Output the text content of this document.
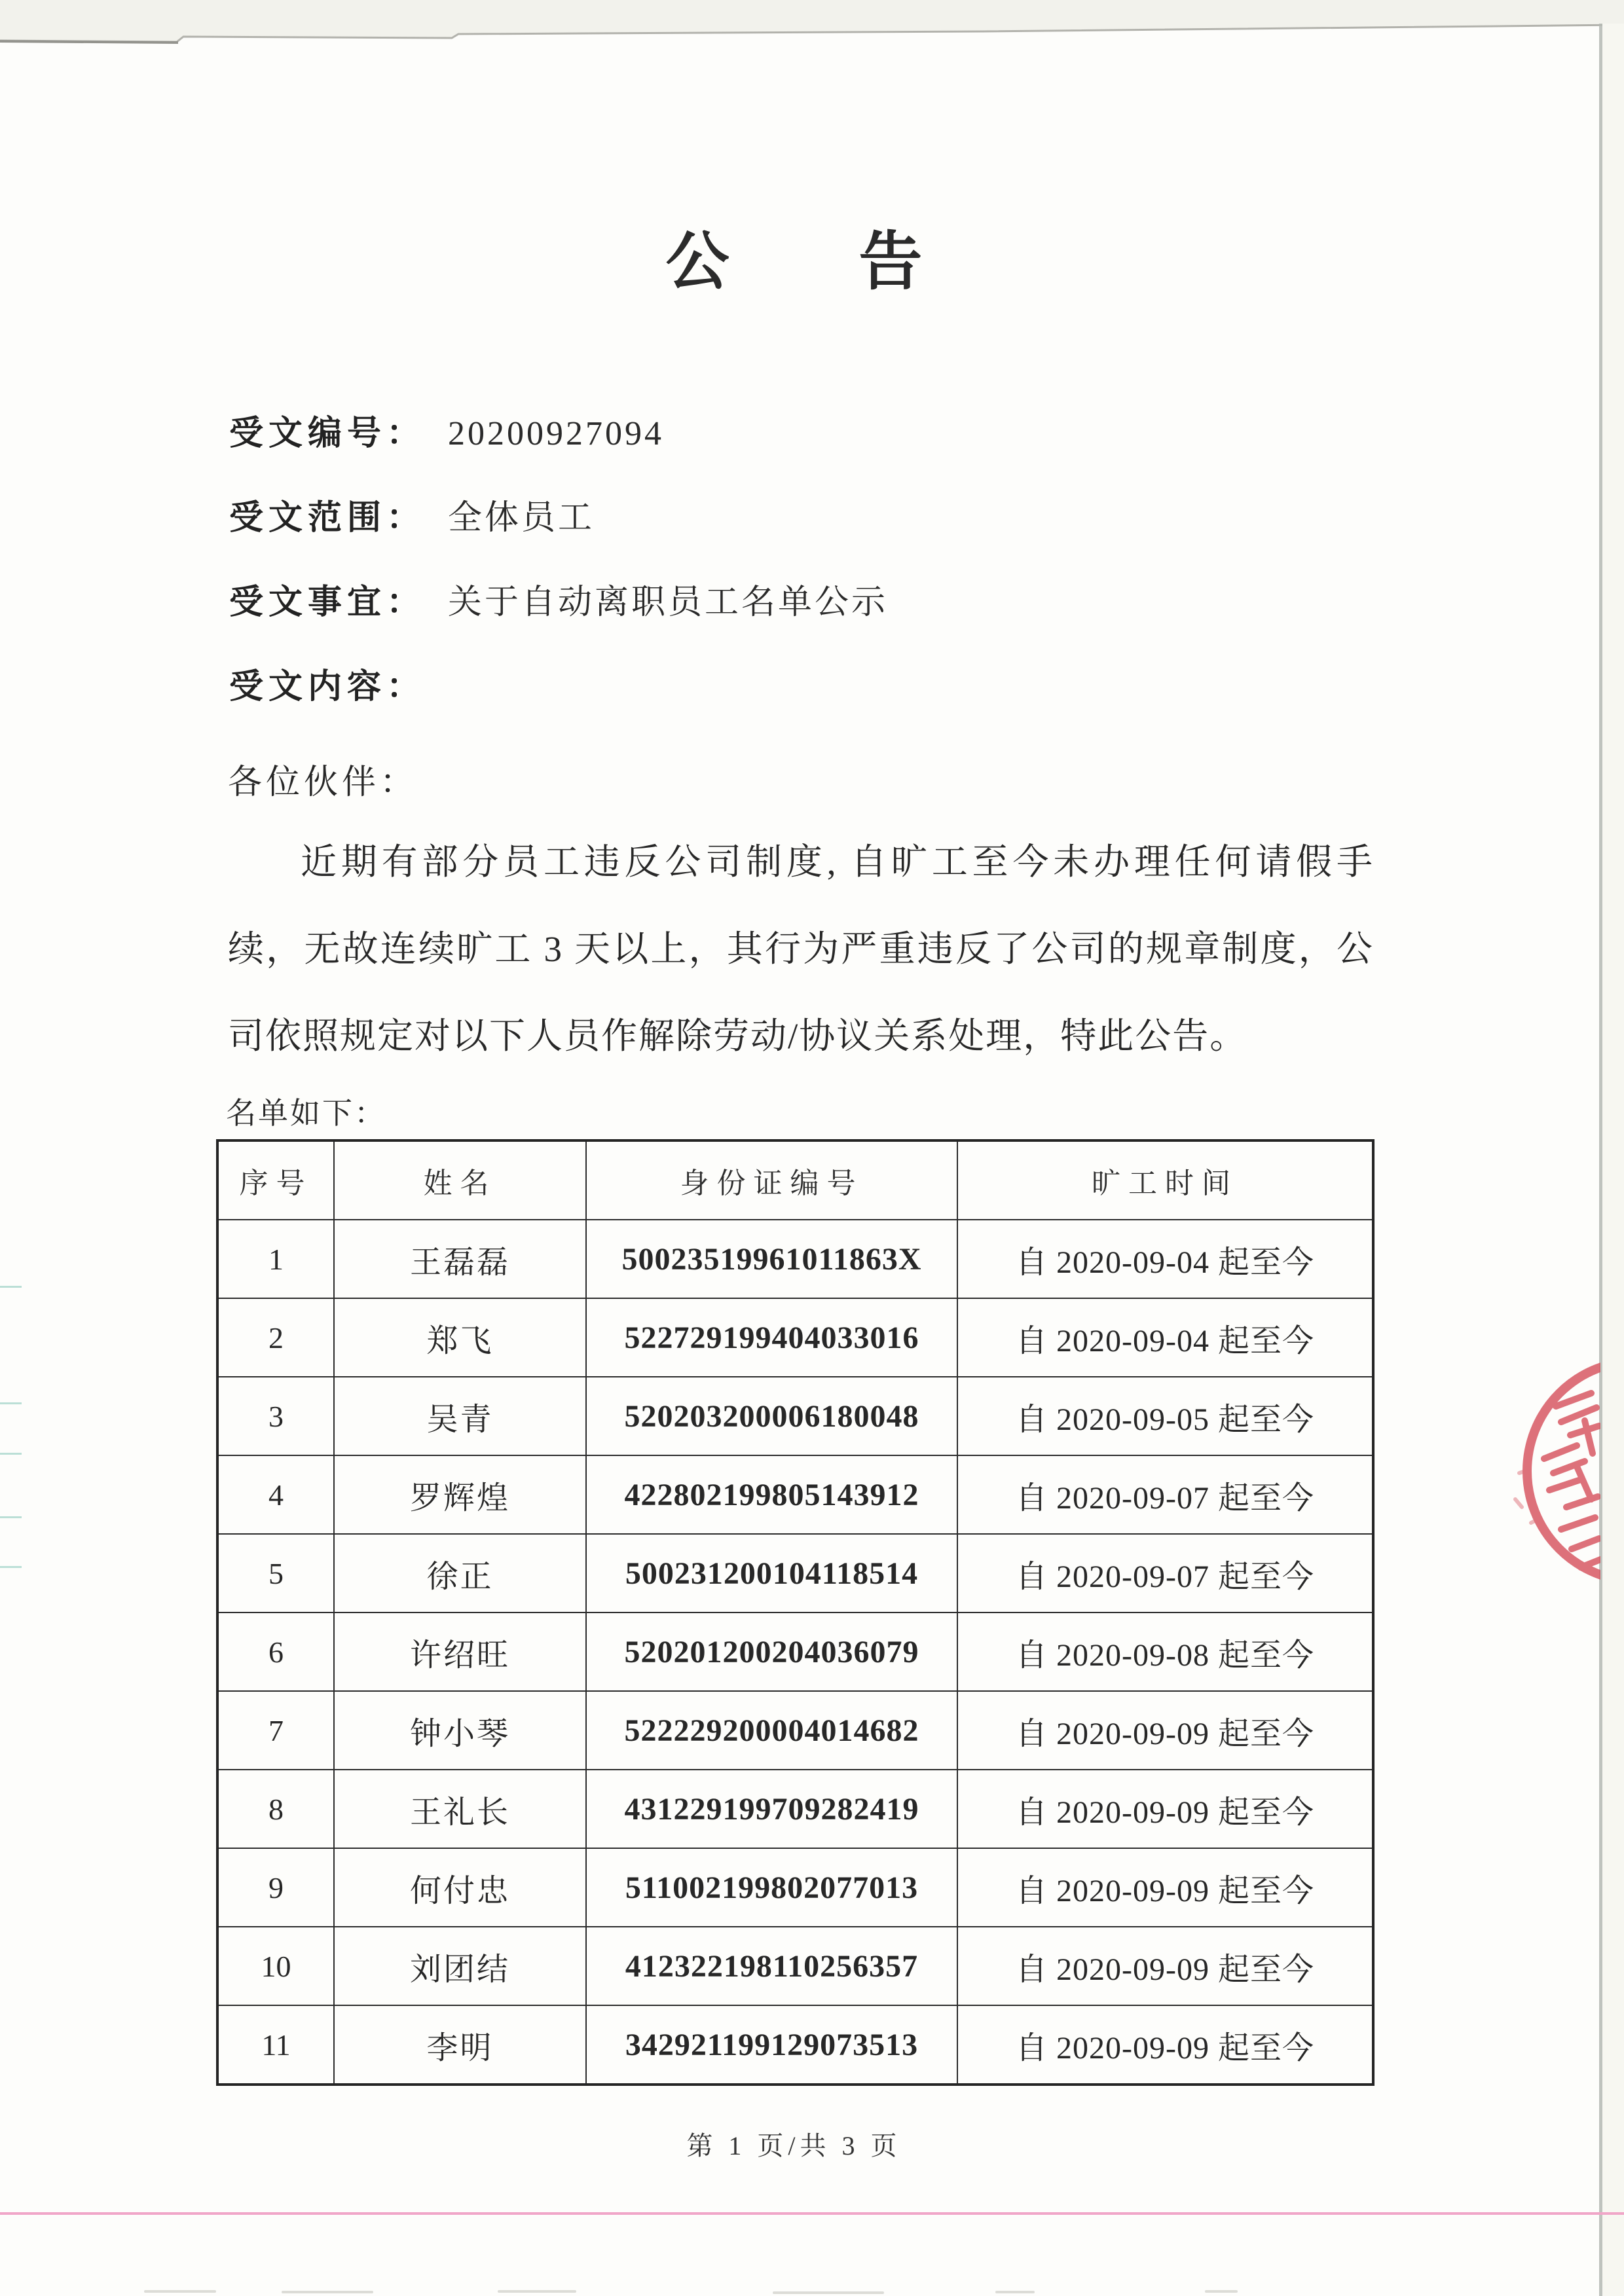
公　告
受文编号： 20200927094
受文范围： 全体员工
受文事宜： 关于自动离职员工名单公示
受文内容：
各位伙伴：
近期有部分员工违反公司制度, 自旷工至今未办理任何请假手
续，无故连续旷工 3 天以上，其行为严重违反了公司的规章制度，公
司依照规定对以下人员作解除劳动/协议关系处理，特此公告。
名单如下：
序号	姓名	身份证编号	旷工时间
1	王磊磊	50023519961011863X	自 2020-09-04 起至今
2	郑飞	522729199404033016	自 2020-09-04 起至今
3	吴青	520203200006180048	自 2020-09-05 起至今
4	罗辉煌	422802199805143912	自 2020-09-07 起至今
5	徐正	500231200104118514	自 2020-09-07 起至今
6	许绍旺	520201200204036079	自 2020-09-08 起至今
7	钟小琴	522229200004014682	自 2020-09-09 起至今
8	王礼长	431229199709282419	自 2020-09-09 起至今
9	何付忠	511002199802077013	自 2020-09-09 起至今
10	刘团结	412322198110256357	自 2020-09-09 起至今
11	李明	342921199129073513	自 2020-09-09 起至今
第 1 页/共 3 页
